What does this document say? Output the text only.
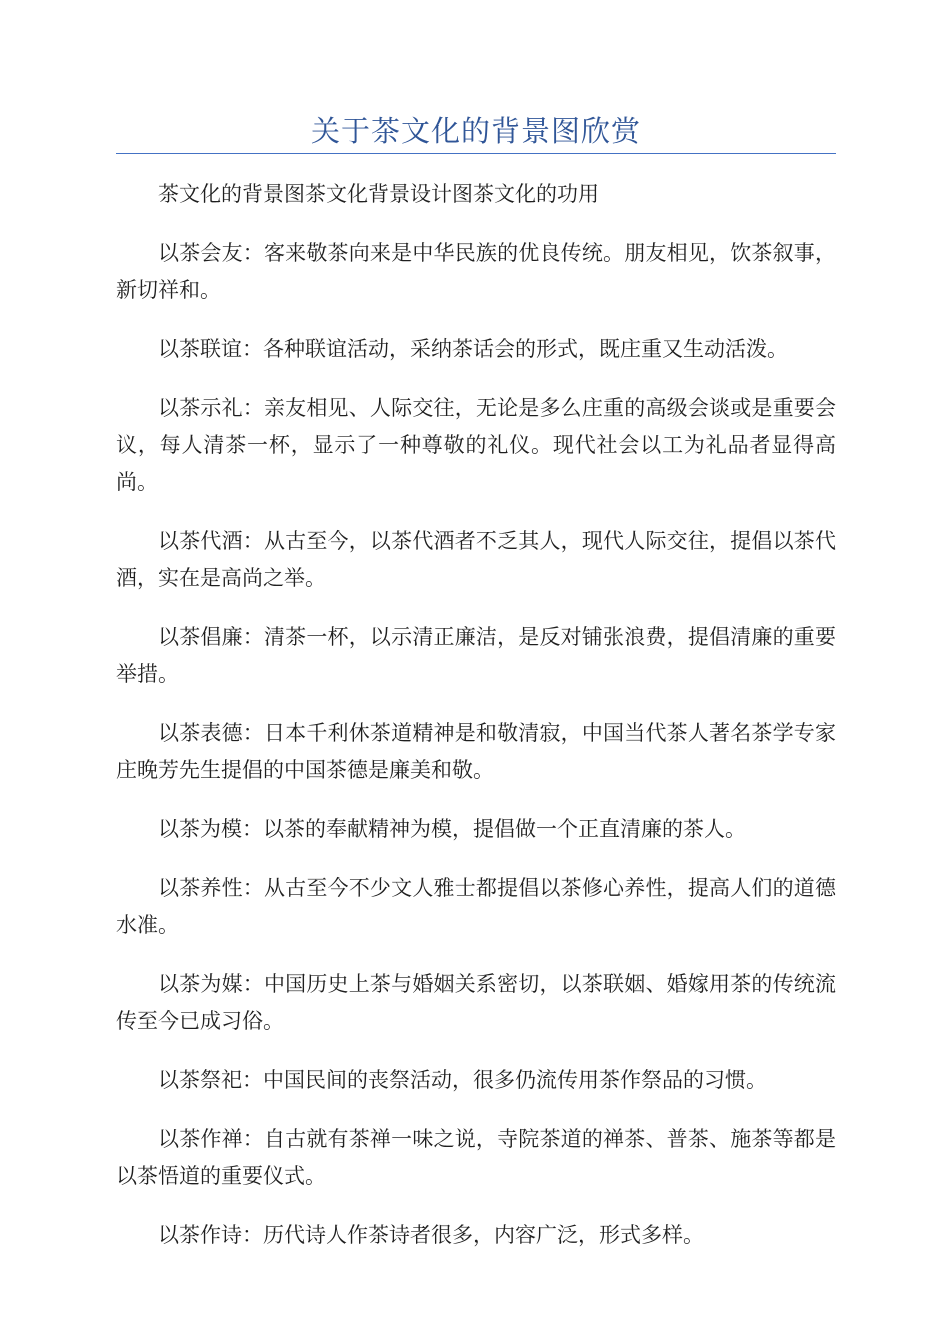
关于茶文化的背景图欣赏

茶文化的背景图茶文化背景设计图茶文化的功用

以茶会友：客来敬茶向来是中华民族的优良传统。朋友相见，饮茶叙事，新切祥和。

以茶联谊：各种联谊活动，采纳茶话会的形式，既庄重又生动活泼。

以茶示礼：亲友相见、人际交往，无论是多么庄重的高级会谈或是重要会议，每人清茶一杯，显示了一种尊敬的礼仪。现代社会以工为礼品者显得高尚。

以茶代酒：从古至今，以茶代酒者不乏其人，现代人际交往，提倡以茶代酒，实在是高尚之举。

以茶倡廉：清茶一杯，以示清正廉洁，是反对铺张浪费，提倡清廉的重要举措。

以茶表德：日本千利休茶道精神是和敬清寂，中国当代茶人著名茶学专家庄晚芳先生提倡的中国茶德是廉美和敬。

以茶为模：以茶的奉献精神为模，提倡做一个正直清廉的茶人。

以茶养性：从古至今不少文人雅士都提倡以茶修心养性，提高人们的道德水准。

以茶为媒：中国历史上茶与婚姻关系密切，以茶联姻、婚嫁用茶的传统流传至今已成习俗。

以茶祭祀：中国民间的丧祭活动，很多仍流传用茶作祭品的习惯。

以茶作禅：自古就有茶禅一味之说，寺院茶道的禅茶、普茶、施茶等都是以茶悟道的重要仪式。

以茶作诗：历代诗人作茶诗者很多，内容广泛，形式多样。
